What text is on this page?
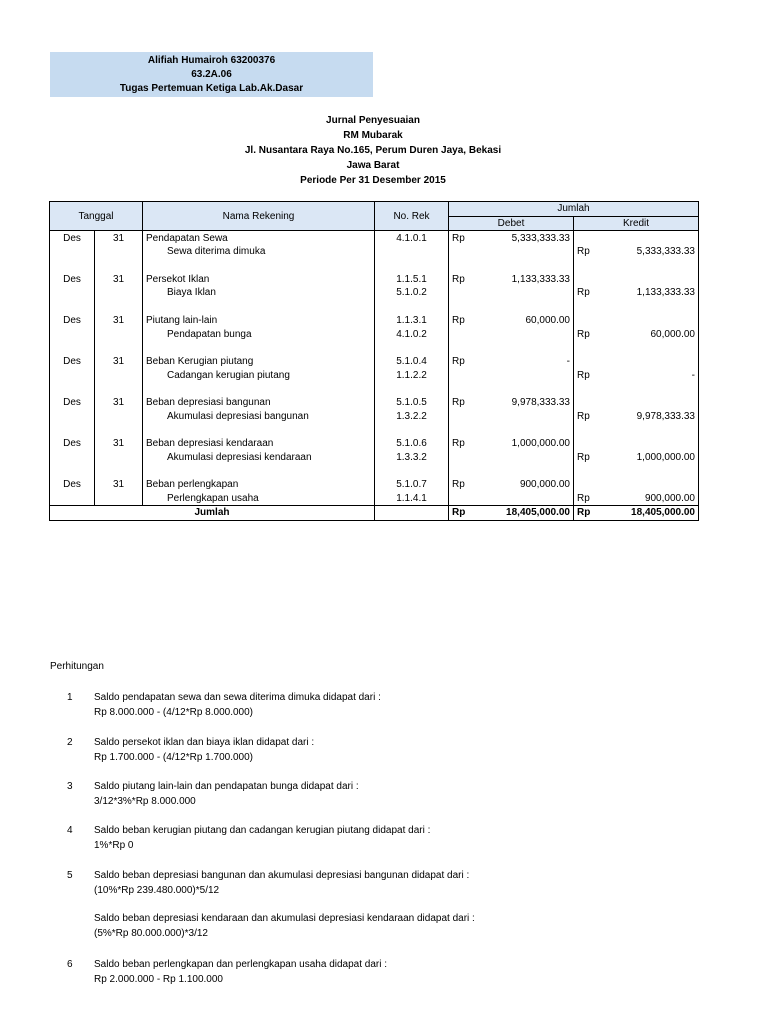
Alifiah Humairoh 63200376
63.2A.06
Tugas Pertemuan Ketiga Lab.Ak.Dasar
Jurnal Penyesuaian
RM Mubarak
Jl. Nusantara Raya No.165, Perum Duren Jaya, Bekasi
Jawa Barat
Periode Per 31 Desember 2015
Tanggal		Nama Rekening	No. Rek	Jumlah			
				Debet		Kredit	
Des	31	Pendapatan Sewa	4.1.0.1	Rp	5,333,333.33		
		Sewa diterima dimuka				Rp	5,333,333.33

Des	31	Persekot Iklan	1.1.5.1	Rp	1,133,333.33		
		Biaya Iklan	5.1.0.2			Rp	1,133,333.33

Des	31	Piutang lain-lain	1.1.3.1	Rp	60,000.00		
		Pendapatan bunga	4.1.0.2			Rp	60,000.00

Des	31	Beban Kerugian piutang	5.1.0.4	Rp	-		
		Cadangan kerugian piutang	1.1.2.2			Rp	-

Des	31	Beban depresiasi bangunan	5.1.0.5	Rp	9,978,333.33		
		Akumulasi depresiasi bangunan	1.3.2.2			Rp	9,978,333.33

Des	31	Beban depresiasi kendaraan	5.1.0.6	Rp	1,000,000.00		
		Akumulasi depresiasi kendaraan	1.3.3.2			Rp	1,000,000.00

Des	31	Beban perlengkapan	5.1.0.7	Rp	900,000.00		
		Perlengkapan usaha	1.1.4.1			Rp	900,000.00
Jumlah				Rp	18,405,000.00	Rp	18,405,000.00
Perhitungan
1 Saldo pendapatan sewa dan sewa diterima dimuka didapat dari :
Rp 8.000.000 - (4/12*Rp 8.000.000)
2 Saldo persekot iklan dan biaya iklan didapat dari :
Rp 1.700.000 - (4/12*Rp 1.700.000)
3 Saldo piutang lain-lain dan pendapatan bunga didapat dari :
3/12*3%*Rp 8.000.000
4 Saldo beban kerugian piutang dan cadangan kerugian piutang didapat dari :
1%*Rp 0
5 Saldo beban depresiasi bangunan dan akumulasi depresiasi bangunan didapat dari :
(10%*Rp 239.480.000)*5/12
Saldo beban depresiasi kendaraan dan akumulasi depresiasi kendaraan didapat dari :
(5%*Rp 80.000.000)*3/12
6 Saldo beban perlengkapan dan perlengkapan usaha didapat dari :
Rp 2.000.000 - Rp 1.100.000
